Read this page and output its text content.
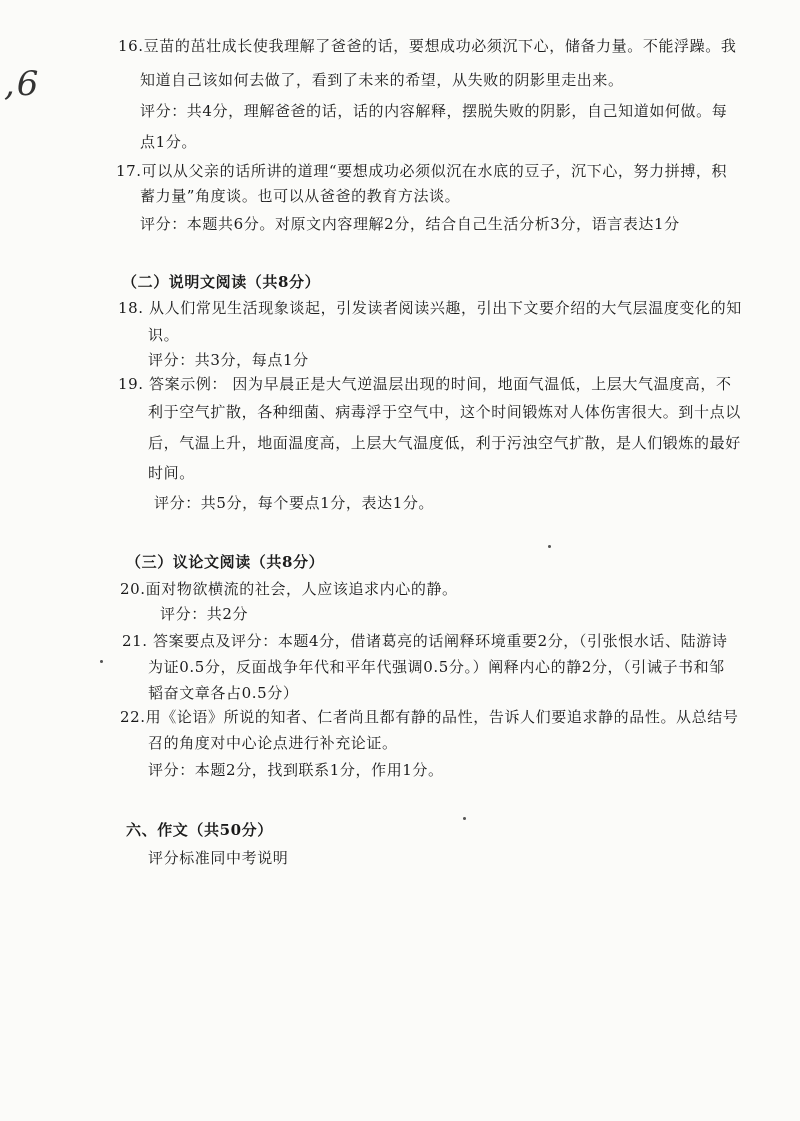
,6
16.豆苗的茁壮成长使我理解了爸爸的话，要想成功必须沉下心，储备力量。不能浮躁。我
知道自己该如何去做了，看到了未来的希望，从失败的阴影里走出来。
评分：共4分，理解爸爸的话，话的内容解释，摆脱失败的阴影，自己知道如何做。每
点1分。
17.可以从父亲的话所讲的道理“要想成功必须似沉在水底的豆子，沉下心，努力拼搏，积
蓄力量”角度谈。也可以从爸爸的教育方法谈。
评分：本题共6分。对原文内容理解2分，结合自己生活分析3分，语言表达1分
（二）说明文阅读（共8分）
18. 从人们常见生活现象谈起，引发读者阅读兴趣，引出下文要介绍的大气层温度变化的知
识。
评分：共3分，每点1分
19. 答案示例： 因为早晨正是大气逆温层出现的时间，地面气温低，上层大气温度高，不
利于空气扩散，各种细菌、病毒浮于空气中，这个时间锻炼对人体伤害很大。到十点以
后，气温上升，地面温度高，上层大气温度低，利于污浊空气扩散，是人们锻炼的最好
时间。
评分：共5分，每个要点1分，表达1分。
（三）议论文阅读（共8分）
20.面对物欲横流的社会，人应该追求内心的静。
评分：共2分
21. 答案要点及评分：本题4分，借诸葛亮的话阐释环境重要2分，（引张恨水话、陆游诗
为证0.5分，反面战争年代和平年代强调0.5分。）阐释内心的静2分，（引诫子书和邹
韬奋文章各占0.5分）
22.用《论语》所说的知者、仁者尚且都有静的品性，告诉人们要追求静的品性。从总结号
召的角度对中心论点进行补充论证。
评分：本题2分，找到联系1分，作用1分。
六、作文（共50分）
评分标准同中考说明
